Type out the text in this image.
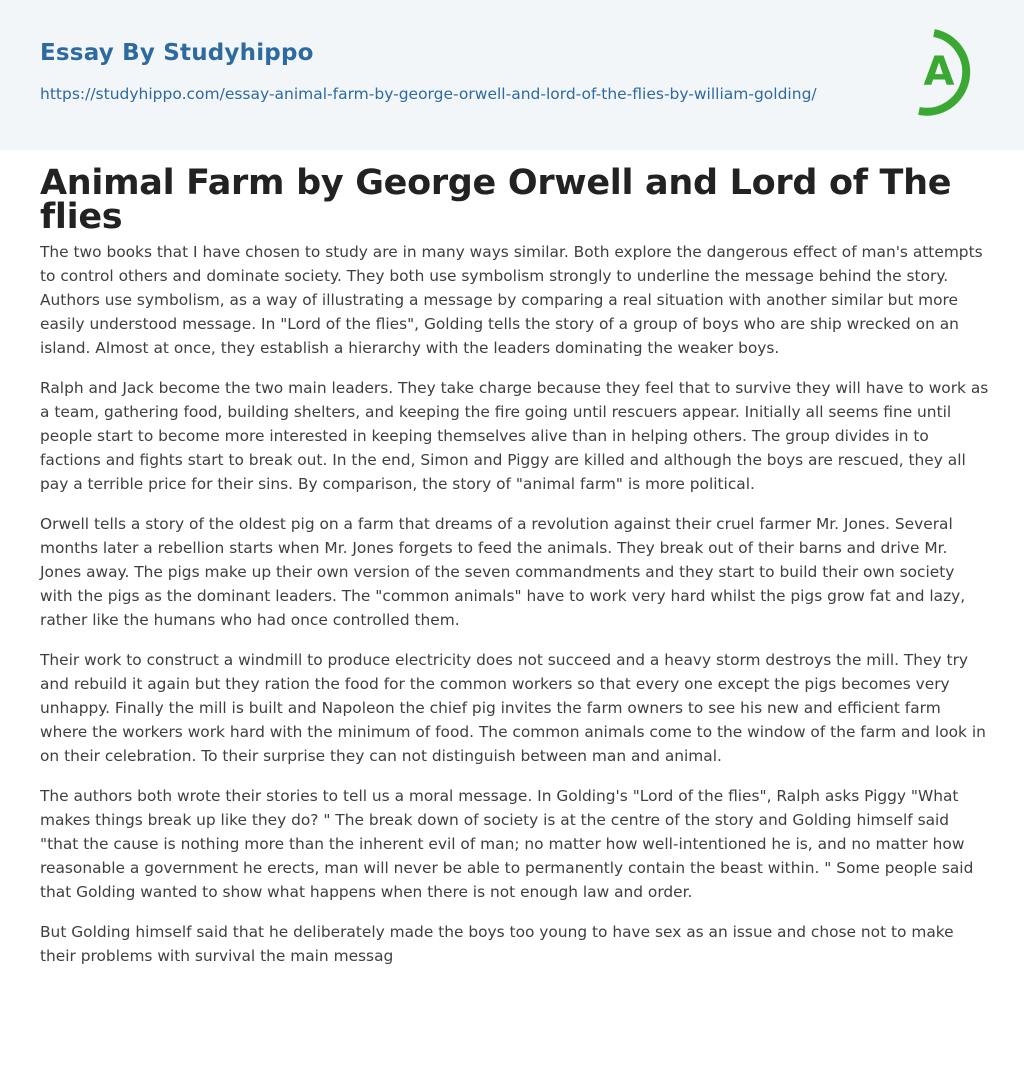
Essay By Studyhippo
https://studyhippo.com/essay-animal-farm-by-george-orwell-and-lord-of-the-flies-by-william-golding/	A
Animal Farm by George Orwell and Lord of The flies

The two books that I have chosen to study are in many ways similar. Both explore the dangerous effect of man's attempts to control others and dominate society. They both use symbolism strongly to underline the message behind the story. Authors use symbolism, as a way of illustrating a message by comparing a real situation with another similar but more easily understood message. In "Lord of the flies", Golding tells the story of a group of boys who are ship wrecked on an island. Almost at once, they establish a hierarchy with the leaders dominating the weaker boys.

Ralph and Jack become the two main leaders. They take charge because they feel that to survive they will have to work as a team, gathering food, building shelters, and keeping the fire going until rescuers appear. Initially all seems fine until people start to become more interested in keeping themselves alive than in helping others. The group divides in to factions and fights start to break out. In the end, Simon and Piggy are killed and although the boys are rescued, they all pay a terrible price for their sins. By comparison, the story of "animal farm" is more political.

Orwell tells a story of the oldest pig on a farm that dreams of a revolution against their cruel farmer Mr. Jones. Several months later a rebellion starts when Mr. Jones forgets to feed the animals. They break out of their barns and drive Mr. Jones away. The pigs make up their own version of the seven commandments and they start to build their own society with the pigs as the dominant leaders. The "common animals" have to work very hard whilst the pigs grow fat and lazy, rather like the humans who had once controlled them.

Their work to construct a windmill to produce electricity does not succeed and a heavy storm destroys the mill. They try and rebuild it again but they ration the food for the common workers so that every one except the pigs becomes very unhappy. Finally the mill is built and Napoleon the chief pig invites the farm owners to see his new and efficient farm where the workers work hard with the minimum of food. The common animals come to the window of the farm and look in on their celebration. To their surprise they can not distinguish between man and animal.

The authors both wrote their stories to tell us a moral message. In Golding's "Lord of the flies", Ralph asks Piggy "What makes things break up like they do? " The break down of society is at the centre of the story and Golding himself said "that the cause is nothing more than the inherent evil of man; no matter how well-intentioned he is, and no matter how reasonable a government he erects, man will never be able to permanently contain the beast within. " Some people said that Golding wanted to show what happens when there is not enough law and order.

But Golding himself said that he deliberately made the boys too young to have sex as an issue and chose not to make their problems with survival the main messag
